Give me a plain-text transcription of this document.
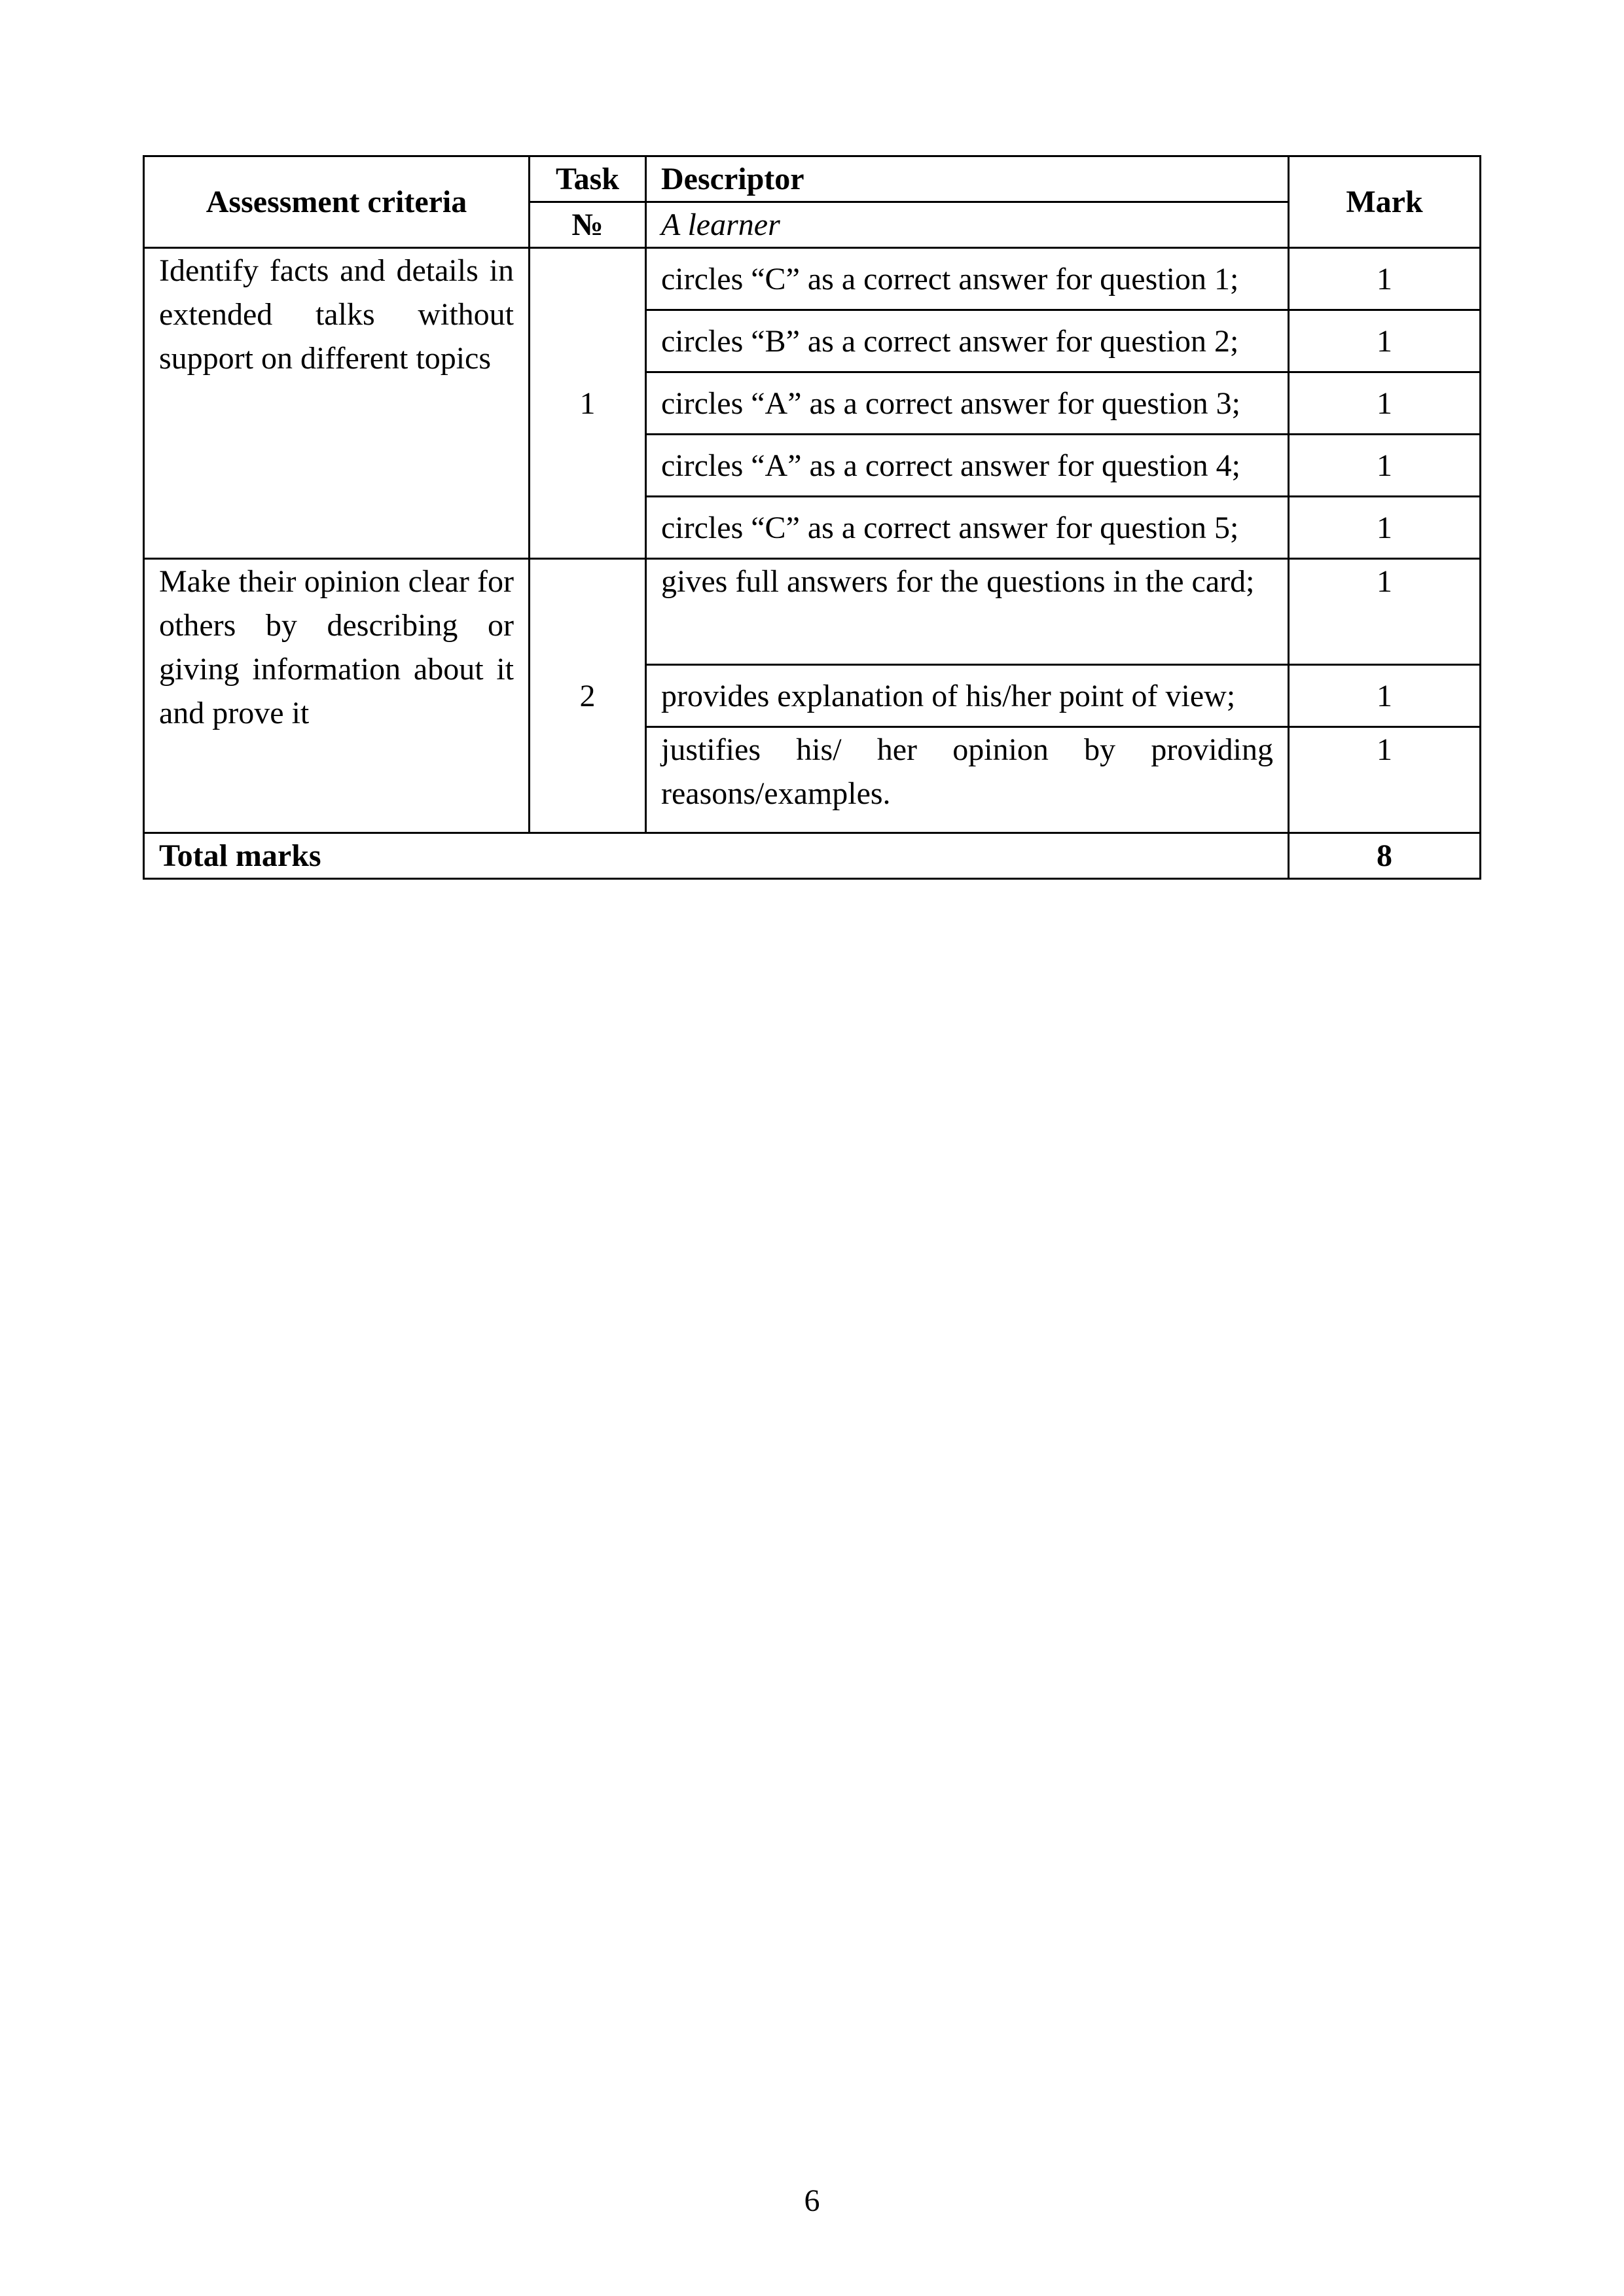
Assessment criteria	Task	Descriptor	Mark
	№	A learner	

Identify facts and details in extended talks without support on different topics	1	circles “C” as a correct answer for question 1;	1
		circles “B” as a correct answer for question 2;	1
		circles “A” as a correct answer for question 3;	1
		circles “A” as a correct answer for question 4;	1
		circles “C” as a correct answer for question 5;	1

Make their opinion clear for others by describing or giving information about it and prove it	2	gives full answers for the questions in the card;	1
		provides explanation of his/her point of view;	1
		justifies his/ her opinion by providing reasons/examples.	1
Total marks			8
6
